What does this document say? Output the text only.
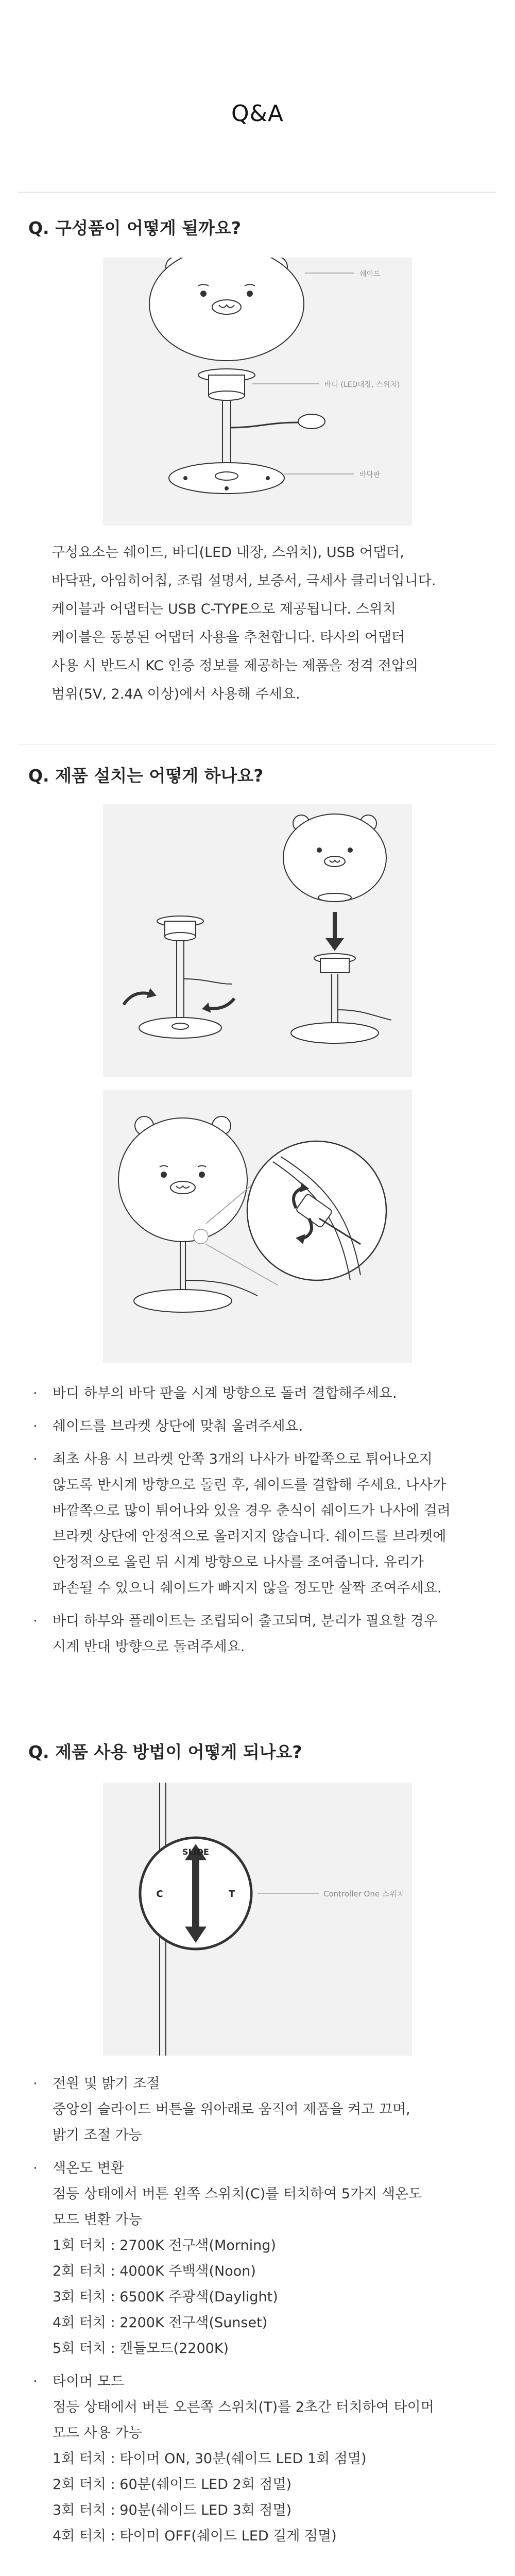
Q&A
Q. 구성품이 어떻게 될까요?
쉐이드
바디 (LED내장, 스위치)
바닥판
구성요소는 쉐이드, 바디(LED 내장, 스위치), USB 어댑터,
바닥판, 아임히어칩, 조립 설명서, 보증서, 극세사 클리너입니다.
케이블과 어댑터는 USB C-TYPE으로 제공됩니다. 스위치
케이블은 동봉된 어댑터 사용을 추천합니다. 타사의 어댑터
사용 시 반드시 KC 인증 정보를 제공하는 제품을 정격 전압의
범위(5V, 2.4A 이상)에서 사용해 주세요.
Q. 제품 설치는 어떻게 하나요?
· 바디 하부의 바닥 판을 시계 방향으로 돌려 결합해주세요.
· 쉐이드를 브라켓 상단에 맞춰 올려주세요.
· 최초 사용 시 브라켓 안쪽 3개의 나사가 바깥쪽으로 튀어나오지
않도록 반시계 방향으로 돌린 후, 쉐이드를 결합해 주세요. 나사가
바깥쪽으로 많이 튀어나와 있을 경우 춘식이 쉐이드가 나사에 걸려
브라켓 상단에 안정적으로 올려지지 않습니다. 쉐이드를 브라켓에
안정적으로 올린 뒤 시계 방향으로 나사를 조여줍니다. 유리가
파손될 수 있으니 쉐이드가 빠지지 않을 정도만 살짝 조여주세요.
· 바디 하부와 플레이트는 조립되어 출고되며, 분리가 필요할 경우
시계 반대 방향으로 돌려주세요.
Q. 제품 사용 방법이 어떻게 되나요?
SLIDE
C	T	Controller One 스위치
· 전원 및 밝기 조절
중앙의 슬라이드 버튼을 위아래로 움직여 제품을 켜고 끄며,
밝기 조절 가능
· 색온도 변환
점등 상태에서 버튼 왼쪽 스위치(C)를 터치하여 5가지 색온도
모드 변환 가능
1회 터치 : 2700K 전구색(Morning)
2회 터치 : 4000K 주백색(Noon)
3회 터치 : 6500K 주광색(Daylight)
4회 터치 : 2200K 전구색(Sunset)
5회 터치 : 캔들모드(2200K)
· 타이머 모드
점등 상태에서 버튼 오른쪽 스위치(T)를 2초간 터치하여 타이머
모드 사용 가능
1회 터치 : 타이머 ON, 30분(쉐이드 LED 1회 점멸)
2회 터치 : 60분(쉐이드 LED 2회 점멸)
3회 터치 : 90분(쉐이드 LED 3회 점멸)
4회 터치 : 타이머 OFF(쉐이드 LED 길게 점멸)
